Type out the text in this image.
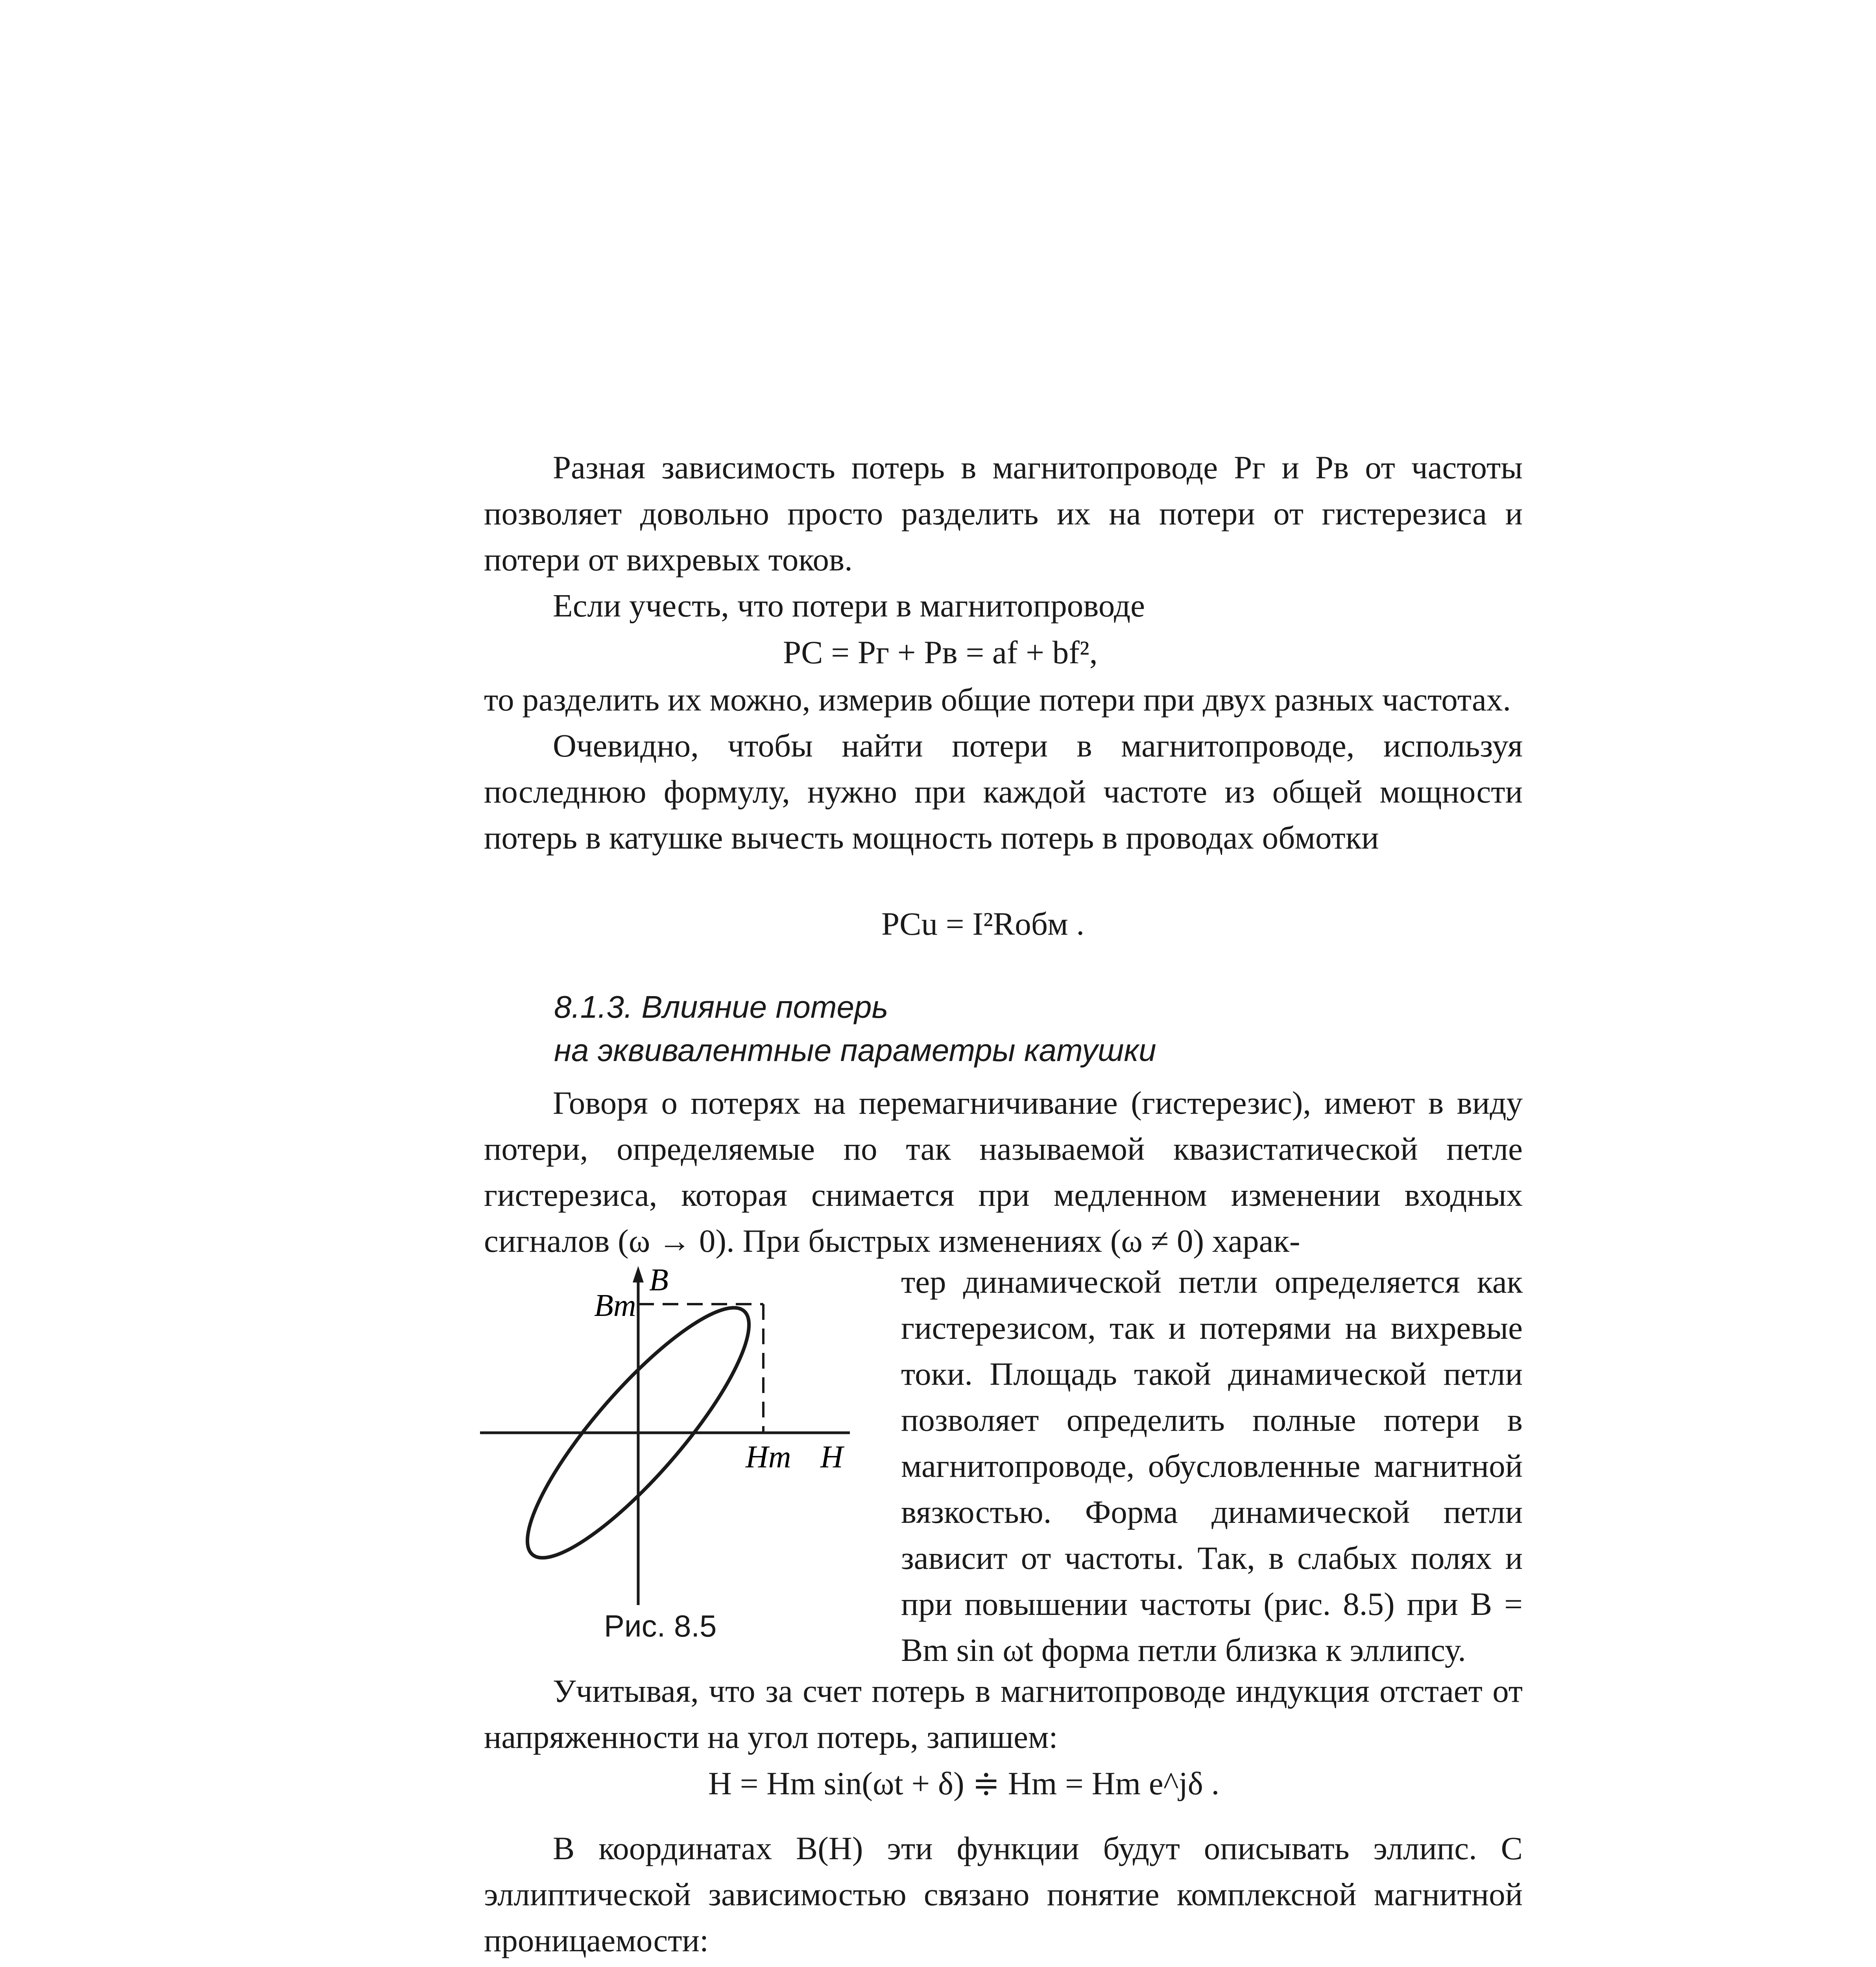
Разная зависимость потерь в магнитопроводе Pг и Pв от частоты позволяет довольно просто разделить их на потери от гистерезиса и потери от вихревых токов.

Если учесть, что потери в магнитопроводе

PC = Pг + Pв = af + bf²,

то разделить их можно, измерив общие потери при двух разных частотах.

Очевидно, чтобы найти потери в магнитопроводе, используя последнюю формулу, нужно при каждой частоте из общей мощности потерь в катушке вычесть мощность потерь в проводах обмотки

PCu = I²Rобм .
8.1.3. Влияние потерь
на эквивалентные параметры катушки

Говоря о потерях на перемагничивание (гистерезис), имеют в виду потери, определяемые по так называемой квазистатической петле гистерезиса, которая снимается при медленном изменении входных сигналов (ω → 0). При быстрых изменениях (ω ≠ 0) харак-

B
Bm
Hm H
Рис. 8.5
тер динамической петли определяется как гистерезисом, так и потерями на вихревые токи. Площадь такой динамической петли позволяет определить полные потери в магнитопроводе, обусловленные магнитной вязкостью. Форма динамической петли зависит от частоты. Так, в слабых полях и при повышении частоты (рис. 8.5) при B = Bm sin ωt форма петли близка к эллипсу.

Учитывая, что за счет потерь в магнитопроводе индукция отстает от напряженности на угол потерь, запишем:

H = Hm sin(ωt + δ) ≑ Hm = Hm e^jδ .

В координатах B(H) эти функции будут описывать эллипс. С эллиптической зависимостью связано понятие комплексной магнитной проницаемости:
